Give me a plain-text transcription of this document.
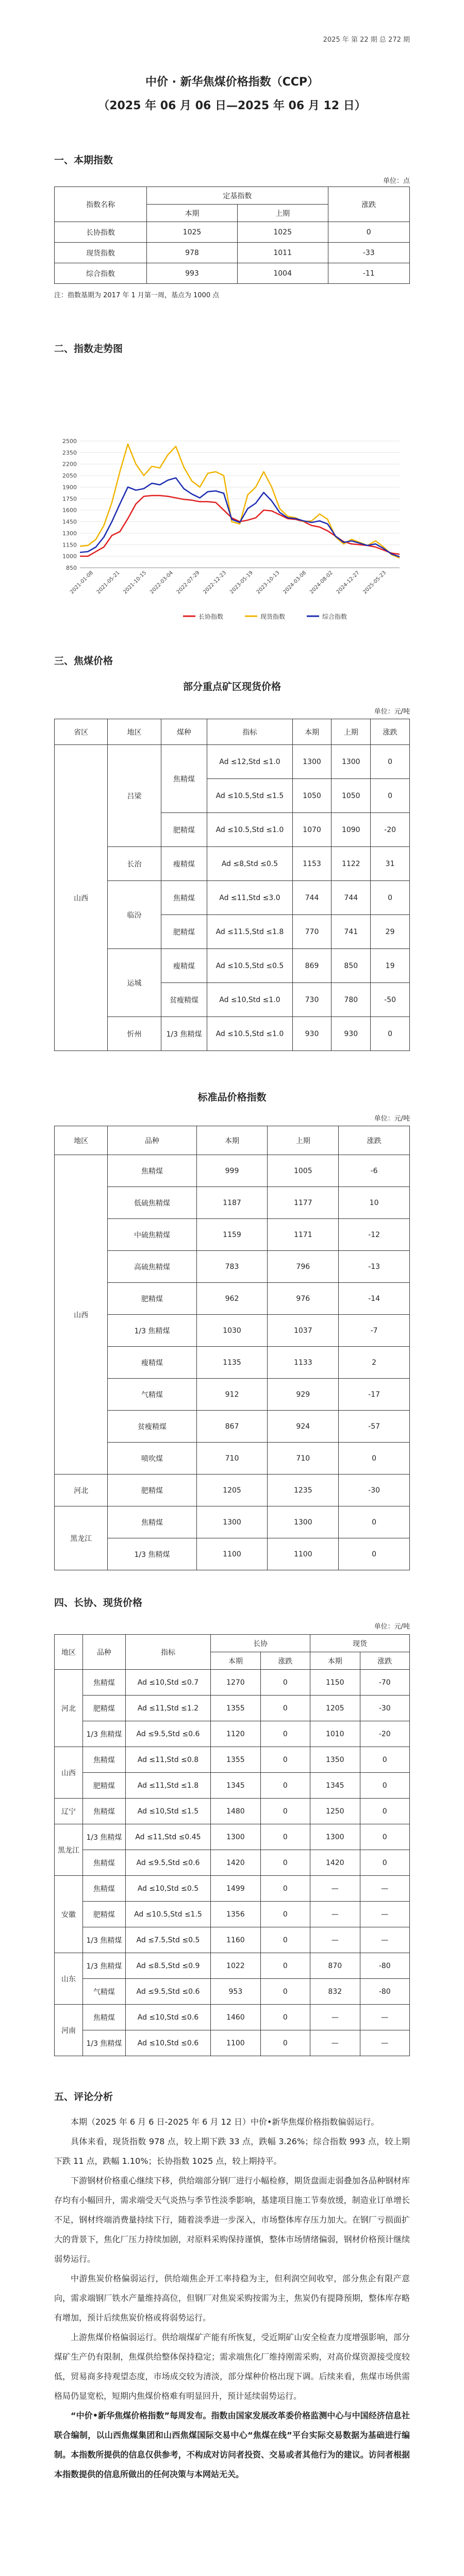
2025 年 第 22 期 总 272 期
中价 · 新华焦煤价格指数（CCP）
（2025 年 06 月 06 日—2025 年 06 月 12 日）
一、本期指数
单位：点
指数名称	定基指数		涨跌
	本期	上期	
长协指数	1025	1025	0
现货指数	978	1011	-33
综合指数	993	1004	-11
注：指数基期为 2017 年 1 月第一周，基点为 1000 点
二、指数走势图
2500
2350
2200
2050
1900
1750
1600
1450
1300
1150
1000
850
2021-01-08 2021-05-21 2021-10-15 2022-03-04 2022-07-29 2022-12-23 2023-05-19 2023-10-13 2024-03-08 2024-08-02 2024-12-27 2025-05-23
长协指数	现货指数	综合指数
三、焦煤价格
部分重点矿区现货价格
单位：元/吨
省区	地区	煤种	指标	本期	上期	涨跌
山西	吕梁	焦精煤	Ad ≤12,Std ≤1.0	1300	1300	0
			Ad ≤10.5,Std ≤1.5	1050	1050	0
		肥精煤	Ad ≤10.5,Std ≤1.0	1070	1090	-20
	长治	瘦精煤	Ad ≤8,Std ≤0.5	1153	1122	31
	临汾	焦精煤	Ad ≤11,Std ≤3.0	744	744	0
		肥精煤	Ad ≤11.5,Std ≤1.8	770	741	29
	运城	瘦精煤	Ad ≤10.5,Std ≤0.5	869	850	19
		贫瘦精煤	Ad ≤10,Std ≤1.0	730	780	-50
	忻州	1/3 焦精煤	Ad ≤10.5,Std ≤1.0	930	930	0
标准品价格指数
单位：元/吨
地区	品种	本期	上期	涨跌
山西	焦精煤	999	1005	-6
	低硫焦精煤	1187	1177	10
	中硫焦精煤	1159	1171	-12
	高硫焦精煤	783	796	-13
	肥精煤	962	976	-14
	1/3 焦精煤	1030	1037	-7
	瘦精煤	1135	1133	2
	气精煤	912	929	-17
	贫瘦精煤	867	924	-57
	喷吹煤	710	710	0
河北	肥精煤	1205	1235	-30
黑龙江	焦精煤	1300	1300	0
	1/3 焦精煤	1100	1100	0
四、长协、现货价格
单位：元/吨
地区	品种	指标	长协		现货	
			本期	涨跌	本期	涨跌
河北	焦精煤	Ad ≤10,Std ≤0.7	1270	0	1150	-70
	肥精煤	Ad ≤11,Std ≤1.2	1355	0	1205	-30
	1/3 焦精煤	Ad ≤9.5,Std ≤0.6	1120	0	1010	-20
山西	焦精煤	Ad ≤11,Std ≤0.8	1355	0	1350	0
	肥精煤	Ad ≤11,Std ≤1.8	1345	0	1345	0
辽宁	焦精煤	Ad ≤10,Std ≤1.5	1480	0	1250	0
黑龙江	1/3 焦精煤	Ad ≤11,Std ≤0.45	1300	0	1300	0
	焦精煤	Ad ≤9.5,Std ≤0.6	1420	0	1420	0
安徽	焦精煤	Ad ≤10,Std ≤0.5	1499	0	—	—
	肥精煤	Ad ≤10.5,Std ≤1.5	1356	0	—	—
	1/3 焦精煤	Ad ≤7.5,Std ≤0.5	1160	0	—	—
山东	1/3 焦精煤	Ad ≤8.5,Std ≤0.9	1022	0	870	-80
	气精煤	Ad ≤9.5,Std ≤0.6	953	0	832	-80
河南	焦精煤	Ad ≤10,Std ≤0.6	1460	0	—	—
	1/3 焦精煤	Ad ≤10,Std ≤0.6	1100	0	—	—
五、评论分析

本期（2025 年 6 月 6 日-2025 年 6 月 12 日）中价•新华焦煤价格指数偏弱运行。

具体来看，现货指数 978 点，较上期下跌 33 点，跌幅 3.26%；综合指数 993 点，较上期下跌 11 点，跌幅 1.10%；长协指数 1025 点，较上期持平。

下游钢材价格重心继续下移，供给端部分钢厂进行小幅检修，期货盘面走弱叠加各品种钢材库存均有小幅回升，需求端受天气炎热与季节性淡季影响，基建项目施工节奏放缓，制造业订单增长不足，钢材终端消费量持续下行，随着淡季进一步深入，市场整体库存压力加大。在钢厂亏损面扩大的背景下，焦化厂压力持续加剧，对原料采购保持谨慎，整体市场情绪偏弱，钢材价格预计继续弱势运行。

中游焦炭价格偏弱运行，供给端焦企开工率持稳为主，但利润空间收窄，部分焦企有限产意向，需求端钢厂铁水产量维持高位，但钢厂对焦炭采购按需为主，焦炭仍有提降预期，整体库存略有增加，预计后续焦炭价格或将弱势运行。

上游焦煤价格偏弱运行。供给端煤矿产能有所恢复，受近期矿山安全检查力度增强影响，部分煤矿生产仍有限制，焦煤供给整体保持稳定；需求端焦化厂维持刚需采购，对高价煤资源接受度较低，贸易商多持观望态度，市场成交较为清淡，部分煤种价格出现下调。后续来看，焦煤市场供需格局仍显宽松，短期内焦煤价格难有明显回升，预计延续弱势运行。

“中价•新华焦煤价格指数”每周发布。指数由国家发展改革委价格监测中心与中国经济信息社联合编制，以山西焦煤集团和山西焦煤国际交易中心“焦煤在线”平台实际交易数据为基础进行编制。本指数所提供的信息仅供参考，不构成对访问者投资、交易或者其他行为的建议。访问者根据本指数提供的信息所做出的任何决策与本网站无关。
